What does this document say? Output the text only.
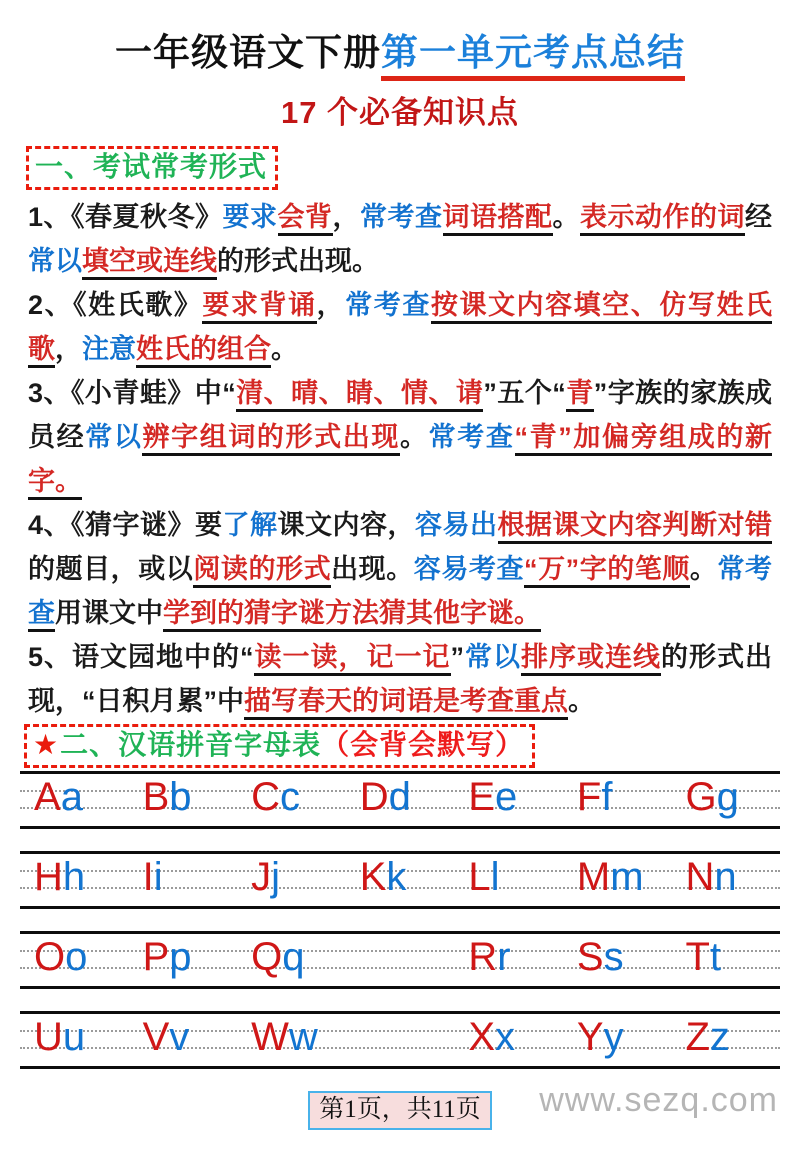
一年级语文下册第一单元考点总结
17 个必备知识点
一、考试常考形式

1、《春夏秋冬》要求会背，常考查词语搭配。表示动作的词经常以填空或连线的形式出现。

2、《姓氏歌》要求背诵，常考查按课文内容填空、仿写姓氏歌，注意姓氏的组合。

3、《小青蛙》中“清、晴、睛、情、请”五个“青”字族的家族成员经常以辨字组词的形式出现。常考查“青”加偏旁组成的新字。

4、《猜字谜》要了解课文内容，容易出根据课文内容判断对错的题目，或以阅读的形式出现。容易考查“万”字的笔顺。常考查用课文中学到的猜字谜方法猜其他字谜。

5、语文园地中的“读一读，记一记”常以排序或连线的形式出现，“日积月累”中描写春天的词语是考查重点。

★二、汉语拼音字母表（会背会默写）
Aa	Bb	Cc	Dd	Ee	Ff	Gg
Hh	Ii	Jj	Kk	Ll	Mm	Nn
Oo	Pp	Qq	Rr	Ss	Tt
Uu	Vv	Ww	Xx	Yy	Zz
第1页，共11页 www.sezq.com
